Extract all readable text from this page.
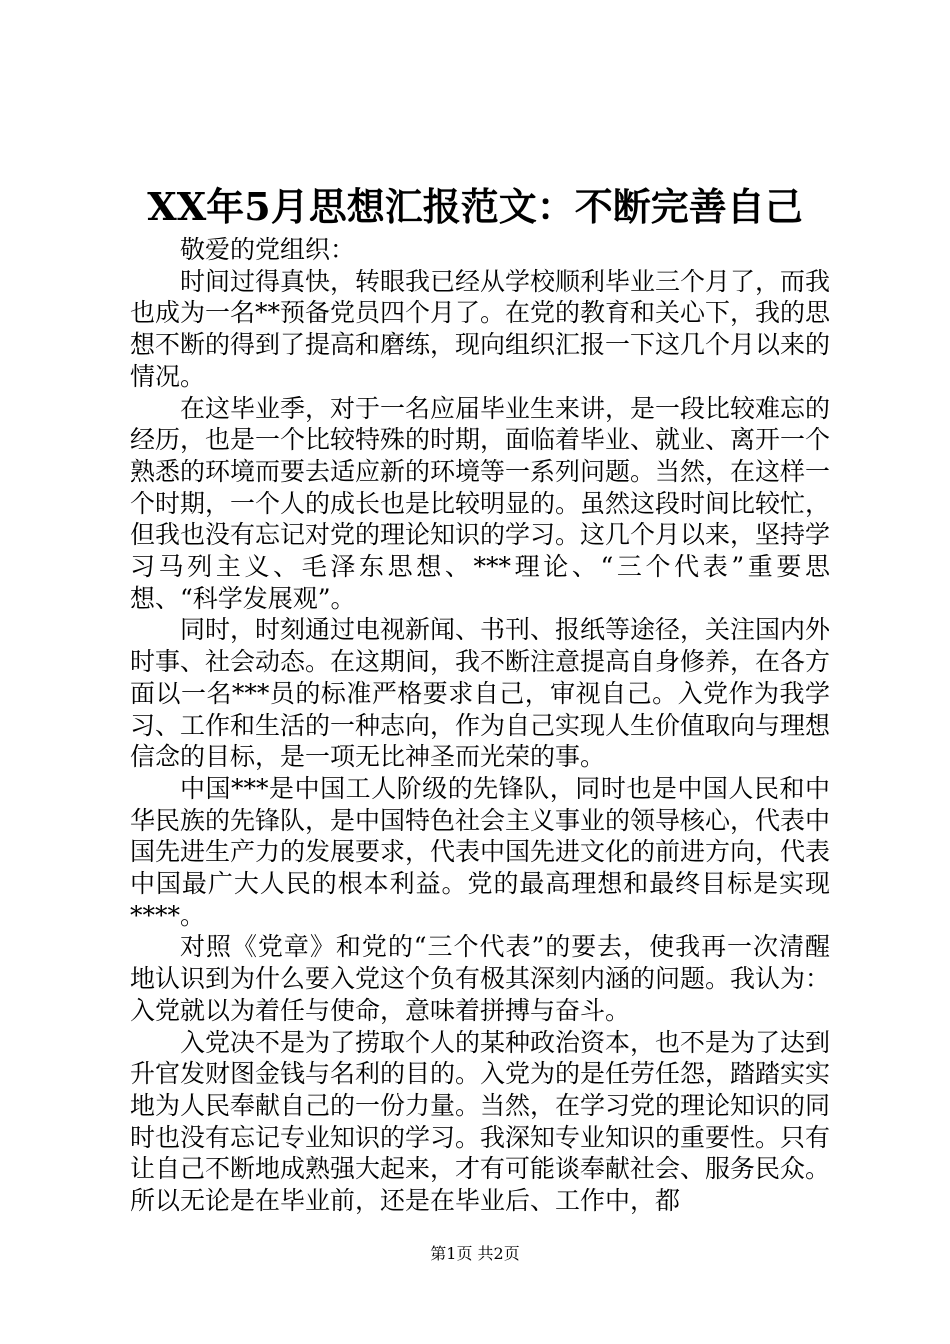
XX年5月思想汇报范文：不断完善自己

敬爱的党组织：

时间过得真快，转眼我已经从学校顺利毕业三个月了，而我也成为一名**预备党员四个月了。在党的教育和关心下，我的思想不断的得到了提高和磨练，现向组织汇报一下这几个月以来的情况。

在这毕业季，对于一名应届毕业生来讲，是一段比较难忘的经历，也是一个比较特殊的时期，面临着毕业、就业、离开一个熟悉的环境而要去适应新的环境等一系列问题。当然，在这样一个时期，一个人的成长也是比较明显的。虽然这段时间比较忙，但我也没有忘记对党的理论知识的学习。这几个月以来，坚持学习马列主义、毛泽东思想、***理论、“三个代表”重要思想、“科学发展观”。

同时，时刻通过电视新闻、书刊、报纸等途径，关注国内外时事、社会动态。在这期间，我不断注意提高自身修养，在各方面以一名***员的标准严格要求自己，审视自己。入党作为我学习、工作和生活的一种志向，作为自己实现人生价值取向与理想信念的目标，是一项无比神圣而光荣的事。

中国***是中国工人阶级的先锋队，同时也是中国人民和中华民族的先锋队，是中国特色社会主义事业的领导核心，代表中国先进生产力的发展要求，代表中国先进文化的前进方向，代表中国最广大人民的根本利益。党的最高理想和最终目标是实现****。

对照《党章》和党的“三个代表”的要去，使我再一次清醒地认识到为什么要入党这个负有极其深刻内涵的问题。我认为：入党就以为着任与使命，意味着拼搏与奋斗。

入党决不是为了捞取个人的某种政治资本，也不是为了达到升官发财图金钱与名利的目的。入党为的是任劳任怨，踏踏实实地为人民奉献自己的一份力量。当然，在学习党的理论知识的同时也没有忘记专业知识的学习。我深知专业知识的重要性。只有让自己不断地成熟强大起来，才有可能谈奉献社会、服务民众。所以无论是在毕业前，还是在毕业后、工作中，都

第1页 共2页
